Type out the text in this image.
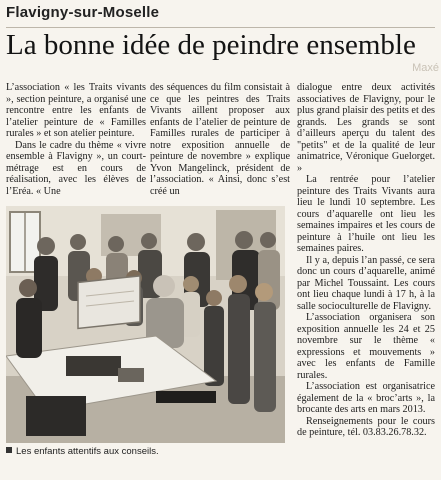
Flavigny-sur-Moselle
La bonne idée de peindre ensemble
Maxé

L’association « les Traits vivants », section peinture, a organisé une rencontre entre les enfants de l’atelier peinture de « Familles rurales » et son atelier peinture.

Dans le cadre du thème « vivre ensemble à Flavigny », un court-métrage est en cours de réalisation, avec les élèves de l’Eréa. « Une

des séquences du film consistait à ce que les peintres des Traits Vivants aillent proposer aux enfants de l’atelier de peinture de Familles rurales de participer à notre exposition annuelle de peinture de novembre » explique Yvon Mangelinck, président de l’association. « Ainsi, donc s’est créé un

dialogue entre deux activités associatives de Flavigny, pour le plus grand plaisir des petits et des grands. Les grands se sont d’ailleurs aperçu du talent des "petits" et de la qualité de leur animatrice, Véronique Guelorget. »

La rentrée pour l’atelier peinture des Traits Vivants aura lieu le lundi 10 septembre. Les cours d’aquarelle ont lieu les semaines impaires et les cours de peinture à l’huile ont lieu les semaines paires.

Il y a, depuis l’an passé, ce sera donc un cours d’aquarelle, animé par Michel Toussaint. Les cours ont lieu chaque lundi à 17 h, à la salle socioculturelle de Flavigny.

L’association organisera son exposition annuelle les 24 et 25 novembre sur le thème « expressions et mouvements » avec les enfants de Famille rurales.

L’association est organisatrice également de la « broc’arts », la brocante des arts en mars 2013.

Renseignements pour le cours de peinture, tél. 03.83.26.78.32.

Les enfants attentifs aux conseils.
